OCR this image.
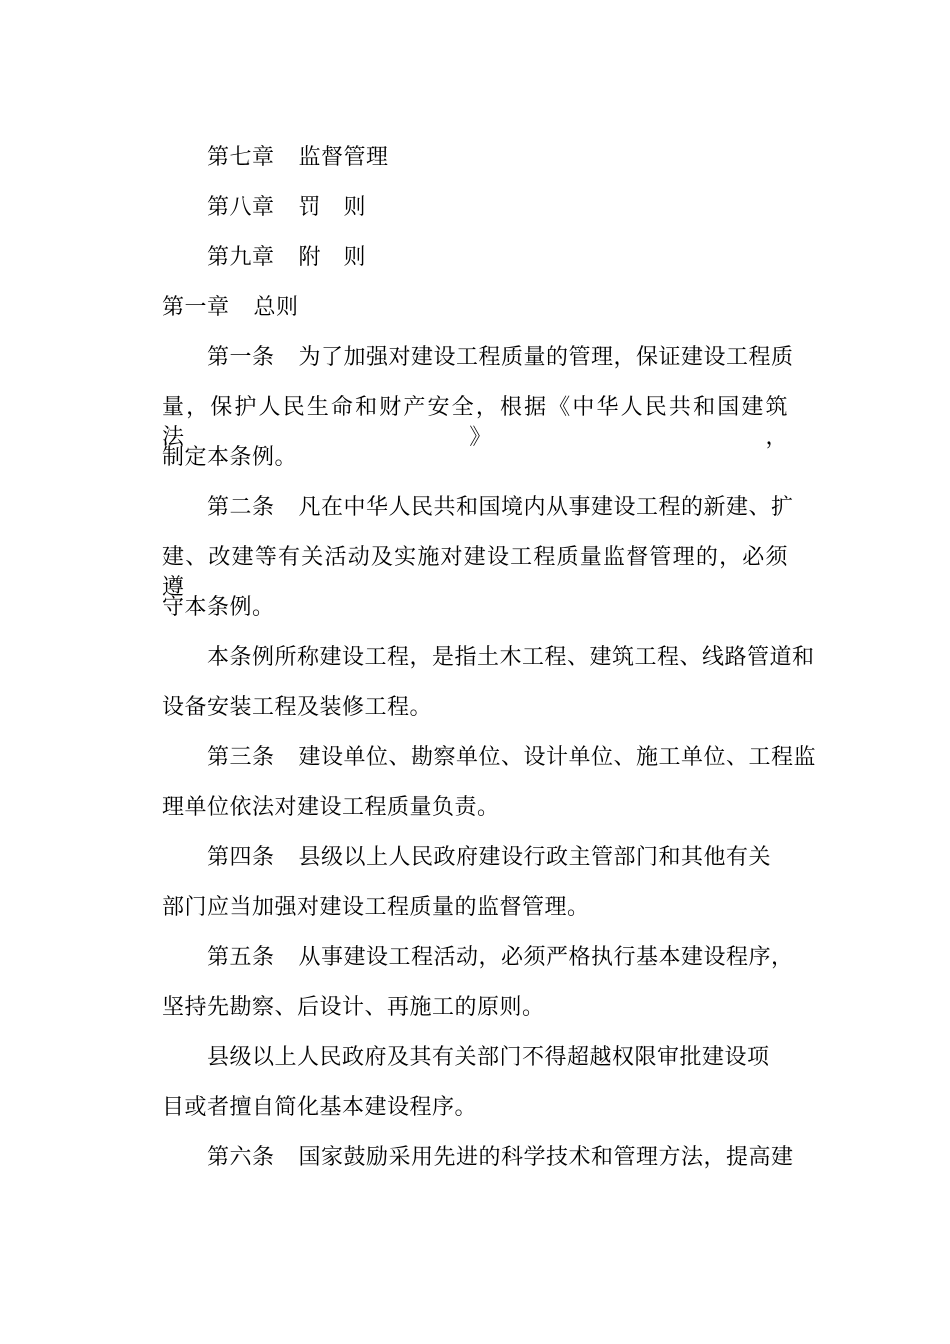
第七章 监督管理
第八章 罚　则
第九章 附　则
第一章 总则
第一条 为了加强对建设工程质量的管理，保证建设工程质
量，保护人民生命和财产安全，根据《中华人民共和国建筑法》，
制定本条例。
第二条 凡在中华人民共和国境内从事建设工程的新建、扩
建、改建等有关活动及实施对建设工程质量监督管理的，必须遵
守本条例。
本条例所称建设工程，是指土木工程、建筑工程、线路管道和
设备安装工程及装修工程。
第三条 建设单位、勘察单位、设计单位、施工单位、工程监
理单位依法对建设工程质量负责。
第四条 县级以上人民政府建设行政主管部门和其他有关
部门应当加强对建设工程质量的监督管理。
第五条 从事建设工程活动，必须严格执行基本建设程序，
坚持先勘察、后设计、再施工的原则。
县级以上人民政府及其有关部门不得超越权限审批建设项
目或者擅自简化基本建设程序。
第六条 国家鼓励采用先进的科学技术和管理方法，提高建
